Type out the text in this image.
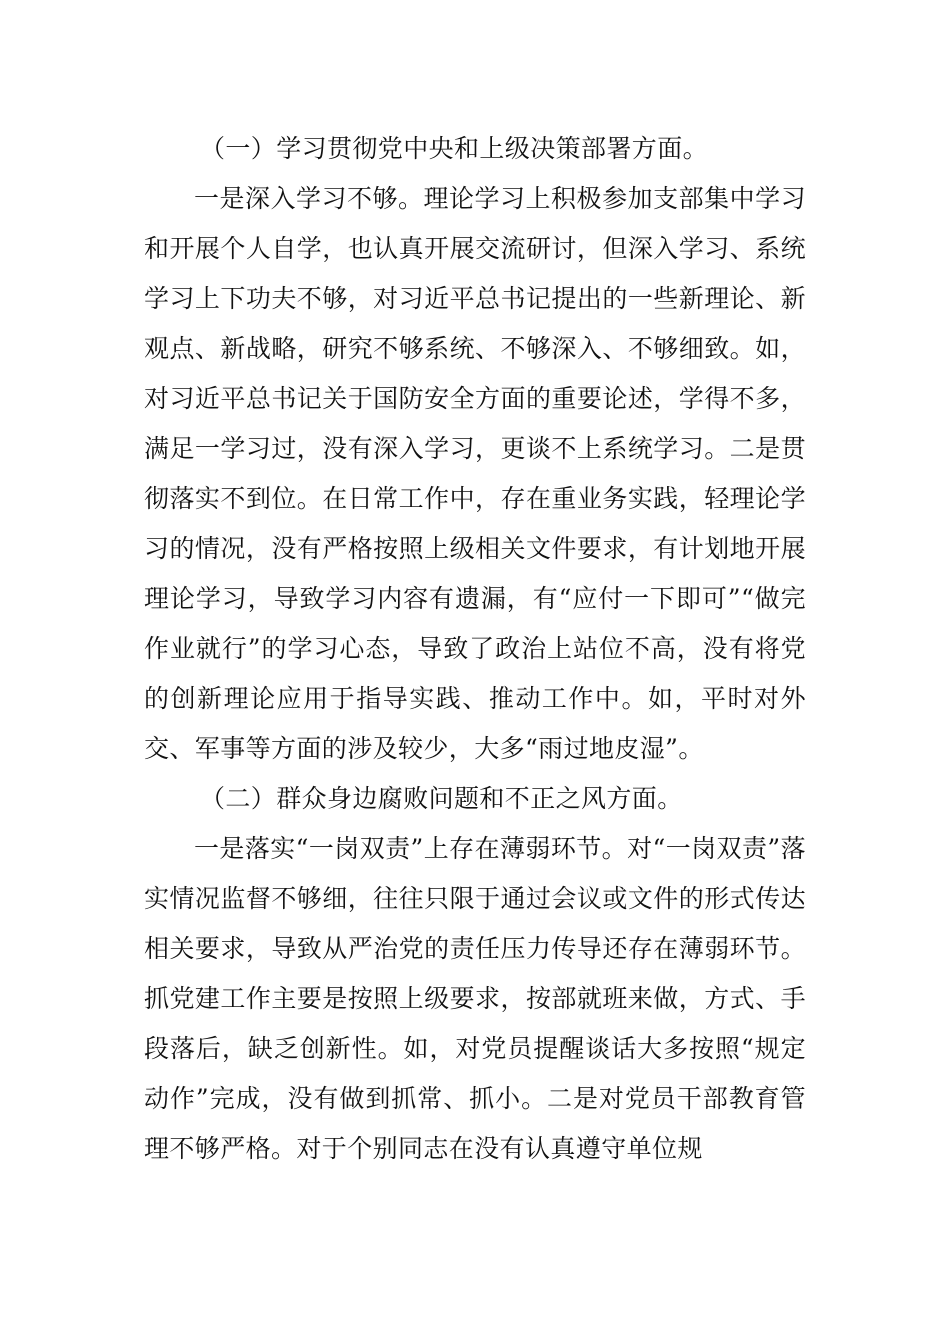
（一）学习贯彻党中央和上级决策部署方面。

一是深入学习不够。理论学习上积极参加支部集中学习和开展个人自学，也认真开展交流研讨，但深入学习、系统学习上下功夫不够，对习近平总书记提出的一些新理论、新观点、新战略，研究不够系统、不够深入、不够细致。如，对习近平总书记关于国防安全方面的重要论述，学得不多，满足一学习过，没有深入学习，更谈不上系统学习。二是贯彻落实不到位。在日常工作中，存在重业务实践，轻理论学习的情况，没有严格按照上级相关文件要求，有计划地开展理论学习，导致学习内容有遗漏，有“应付一下即可”“做完作业就行”的学习心态，导致了政治上站位不高，没有将党的创新理论应用于指导实践、推动工作中。如，平时对外交、军事等方面的涉及较少，大多“雨过地皮湿”。

（二）群众身边腐败问题和不正之风方面。

一是落实“一岗双责”上存在薄弱环节。对“一岗双责”落实情况监督不够细，往往只限于通过会议或文件的形式传达相关要求，导致从严治党的责任压力传导还存在薄弱环节。抓党建工作主要是按照上级要求，按部就班来做，方式、手段落后，缺乏创新性。如，对党员提醒谈话大多按照“规定动作”完成，没有做到抓常、抓小。二是对党员干部教育管理不够严格。对于个别同志在没有认真遵守单位规
